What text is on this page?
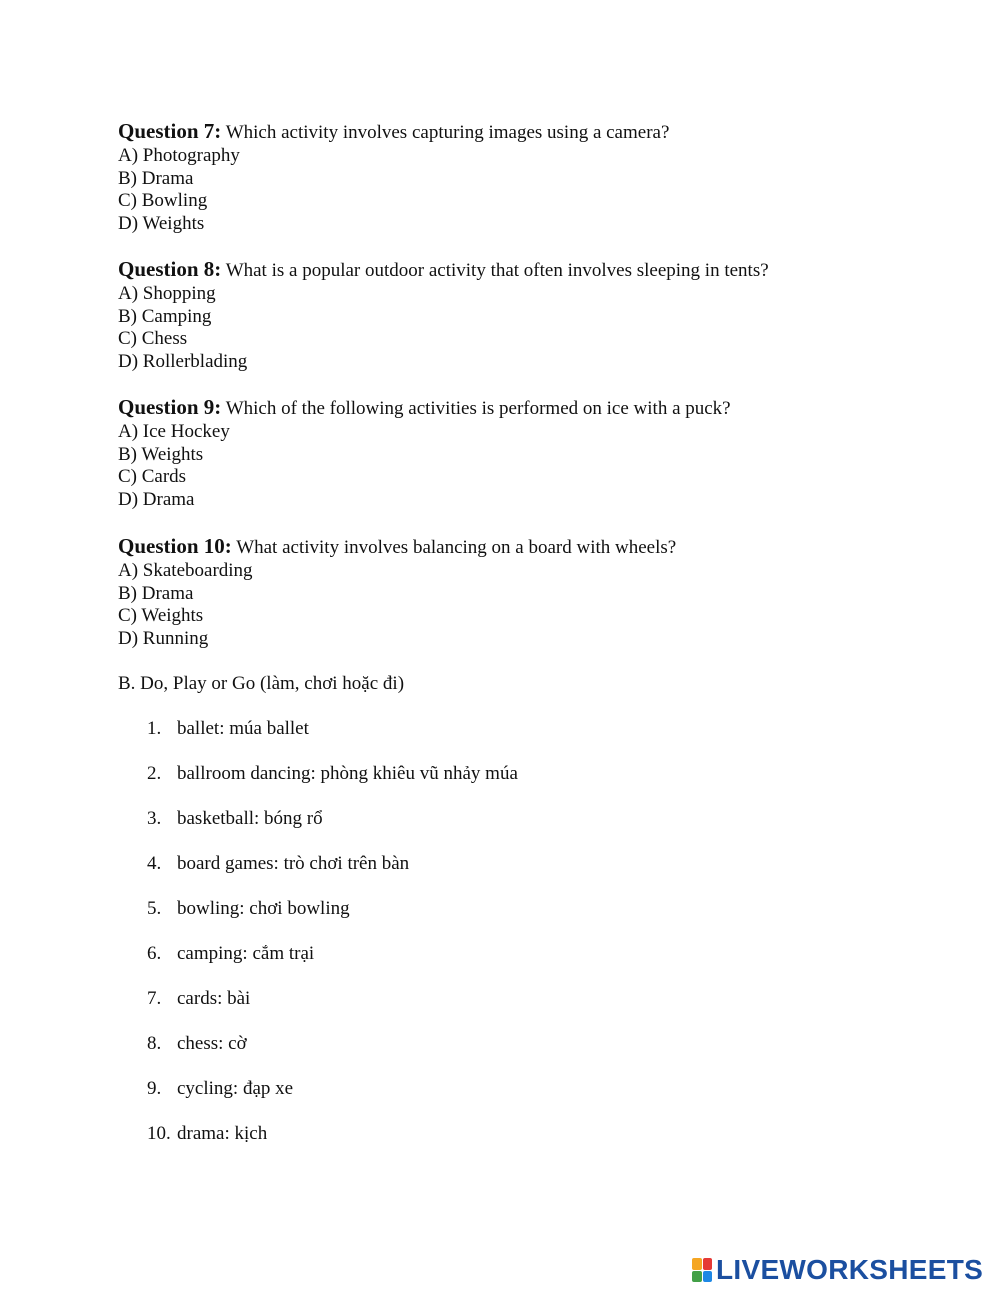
Question 7: Which activity involves capturing images using a camera?

A) Photography

B) Drama

C) Bowling

D) Weights

Question 8: What is a popular outdoor activity that often involves sleeping in tents?

A) Shopping

B) Camping

C) Chess

D) Rollerblading

Question 9: Which of the following activities is performed on ice with a puck?

A) Ice Hockey

B) Weights

C) Cards

D) Drama

Question 10: What activity involves balancing on a board with wheels?

A) Skateboarding

B) Drama

C) Weights

D) Running

B. Do, Play or Go (làm, chơi hoặc đi)
1. ballet: múa ballet
2. ballroom dancing: phòng khiêu vũ nhảy múa
3. basketball: bóng rổ
4. board games: trò chơi trên bàn
5. bowling: chơi bowling
6. camping: cắm trại
7. cards: bài
8. chess: cờ
9. cycling: đạp xe
10. drama: kịch
LIVEWORKSHEETS
